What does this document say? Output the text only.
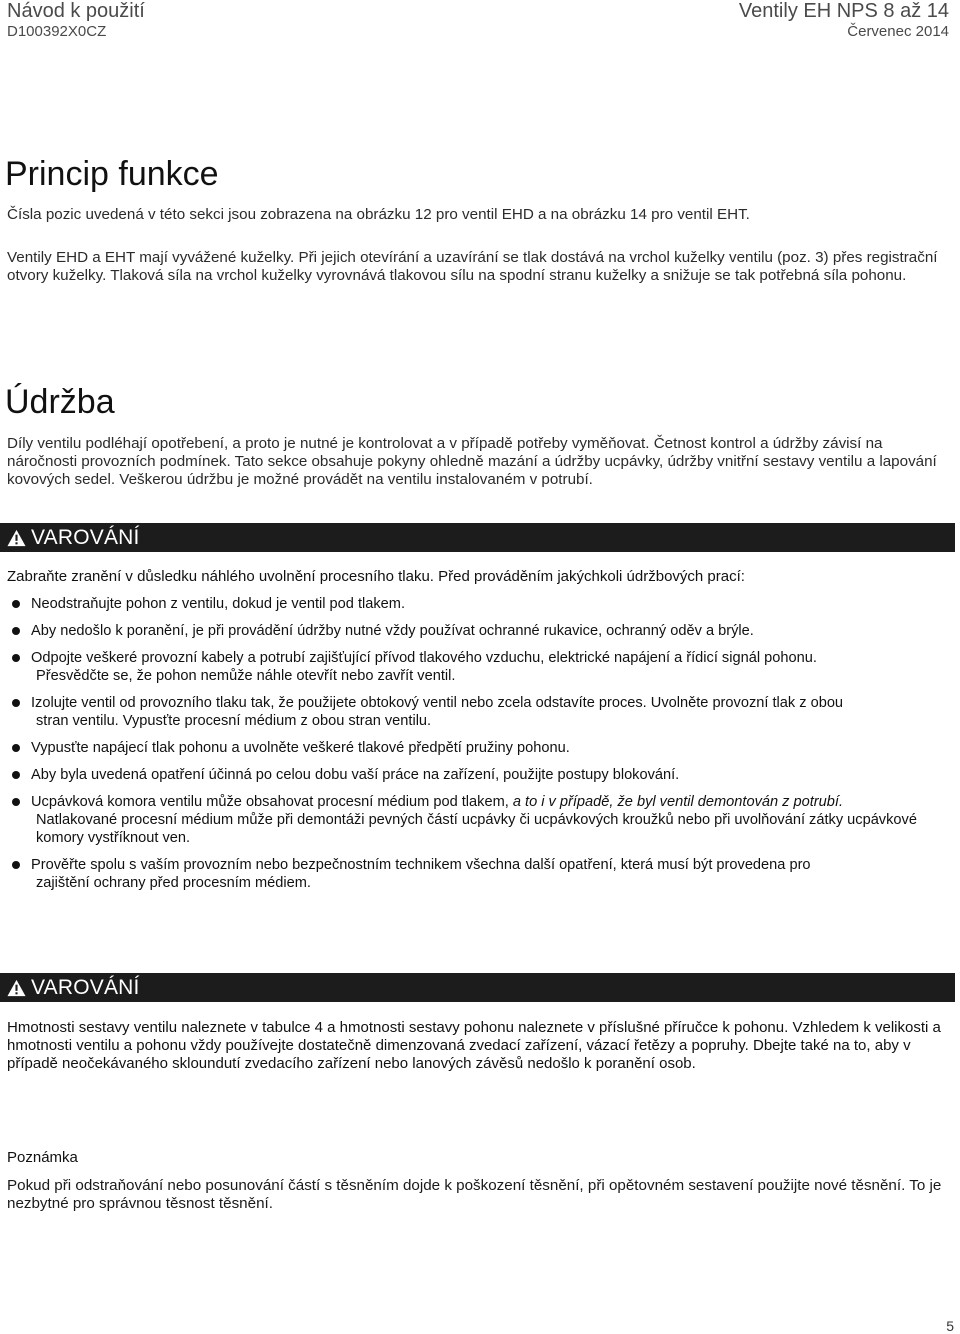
Návod k použití
D100392X0CZ
Ventily EH NPS 8 až 14
Červenec 2014
Princip funkce

Čísla pozic uvedená v této sekci jsou zobrazena na obrázku 12 pro ventil EHD a na obrázku 14 pro ventil EHT.

Ventily EHD a EHT mají vyvážené kuželky. Při jejich otevírání a uzavírání se tlak dostává na vrchol kuželky ventilu (poz. 3) přes registrační otvory kuželky. Tlaková síla na vrchol kuželky vyrovnává tlakovou sílu na spodní stranu kuželky a snižuje se tak potřebná síla pohonu.

Údržba

Díly ventilu podléhají opotřebení, a proto je nutné je kontrolovat a v případě potřeby vyměňovat. Četnost kontrol a údržby závisí na náročnosti provozních podmínek. Tato sekce obsahuje pokyny ohledně mazání a údržby ucpávky, údržby vnitřní sestavy ventilu a lapování kovových sedel. Veškerou údržbu je možné provádět na ventilu instalovaném v potrubí.

VAROVÁNÍ

Zabraňte zranění v důsledku náhlého uvolnění procesního tlaku. Před prováděním jakýchkoli údržbových prací:

Neodstraňujte pohon z ventilu, dokud je ventil pod tlakem.
Aby nedošlo k poranění, je při provádění údržby nutné vždy používat ochranné rukavice, ochranný oděv a brýle.
Odpojte veškeré provozní kabely a potrubí zajišťující přívod tlakového vzduchu, elektrické napájení a řídicí signál pohonu.
Přesvědčte se, že pohon nemůže náhle otevřít nebo zavřít ventil.
Izolujte ventil od provozního tlaku tak, že použijete obtokový ventil nebo zcela odstavíte proces. Uvolněte provozní tlak z obou
stran ventilu. Vypusťte procesní médium z obou stran ventilu.
Vypusťte napájecí tlak pohonu a uvolněte veškeré tlakové předpětí pružiny pohonu.
Aby byla uvedená opatření účinná po celou dobu vaší práce na zařízení, použijte postupy blokování.
Ucpávková komora ventilu může obsahovat procesní médium pod tlakem, a to i v případě, že byl ventil demontován z potrubí.
Natlakované procesní médium může při demontáži pevných částí ucpávky či ucpávkových kroužků nebo při uvolňování zátky ucpávkové komory vystříknout ven.
Prověřte spolu s vaším provozním nebo bezpečnostním technikem všechna další opatření, která musí být provedena pro
zajištění ochrany před procesním médiem.
VAROVÁNÍ

Hmotnosti sestavy ventilu naleznete v tabulce 4 a hmotnosti sestavy pohonu naleznete v příslušné příručce k pohonu. Vzhledem k velikosti a hmotnosti ventilu a pohonu vždy používejte dostatečně dimenzovaná zvedací zařízení, vázací řetězy a popruhy. Dbejte také na to, aby v případě neočekávaného skloundutí zvedacího zařízení nebo lanových závěsů nedošlo k poranění osob.

Poznámka

Pokud při odstraňování nebo posunování částí s těsněním dojde k poškození těsnění, při opětovném sestavení použijte nové těsnění. To je nezbytné pro správnou těsnost těsnění.

5
